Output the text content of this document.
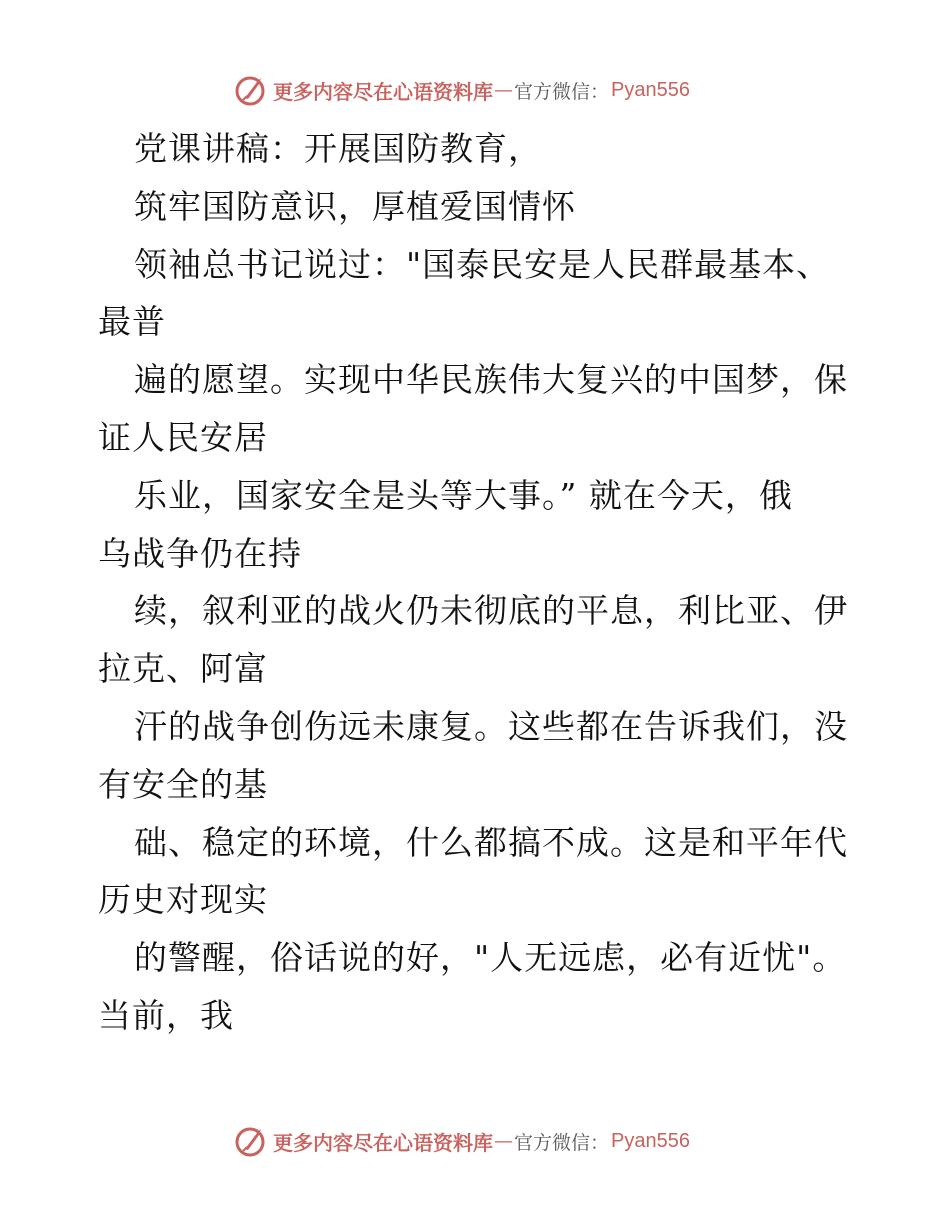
更多内容尽在心语资料库 — 官方微信： Pyan556
党课讲稿：开展国防教育，
筑牢国防意识，厚植爱国情怀
领袖总书记说过："国泰民安是人民群最基本、
最普
遍的愿望。实现中华民族伟大复兴的中国梦，保
证人民安居
乐业，国家安全是头等大事。” 就在今天，俄
乌战争仍在持
续，叙利亚的战火仍未彻底的平息，利比亚、伊
拉克、阿富
汗的战争创伤远未康复。这些都在告诉我们，没
有安全的基
础、稳定的环境，什么都搞不成。这是和平年代
历史对现实
的警醒，俗话说的好，"人无远虑，必有近忧"。
当前，我
更多内容尽在心语资料库 — 官方微信： Pyan556
